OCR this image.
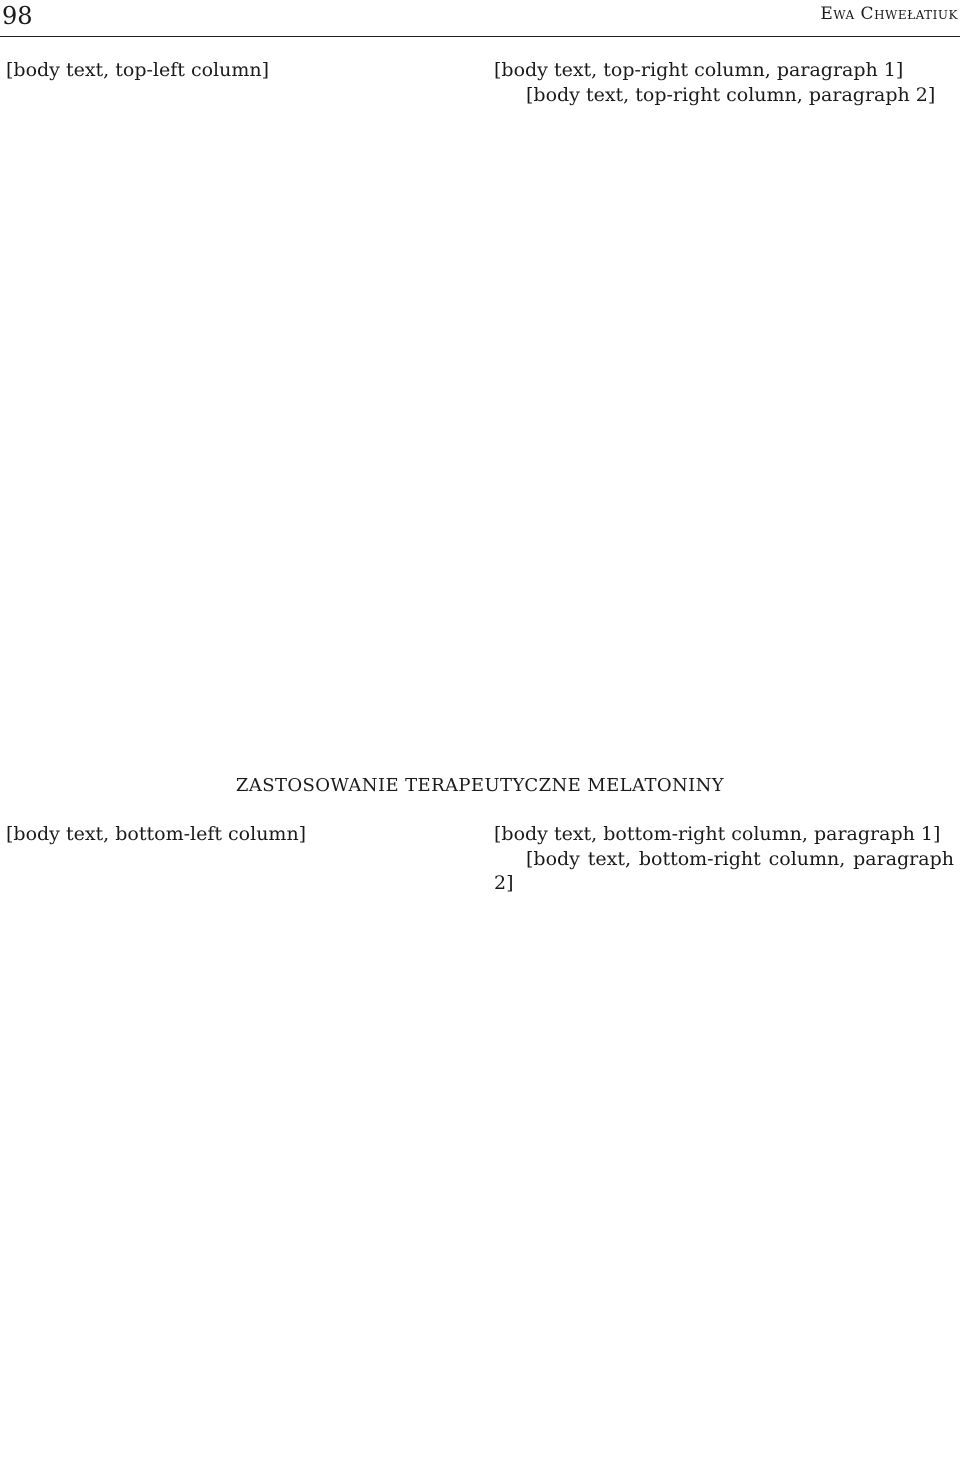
98	Ewa Chwełatiuk

[body text, top-left column]	[body text, top-right column, paragraph 1]

[body text, top-right column, paragraph 2]

ZASTOSOWANIE TERAPEUTYCZNE MELATONINY

[body text, bottom-left column]	[body text, bottom-right column, paragraph 1]

[body text, bottom-right column, paragraph 2]
